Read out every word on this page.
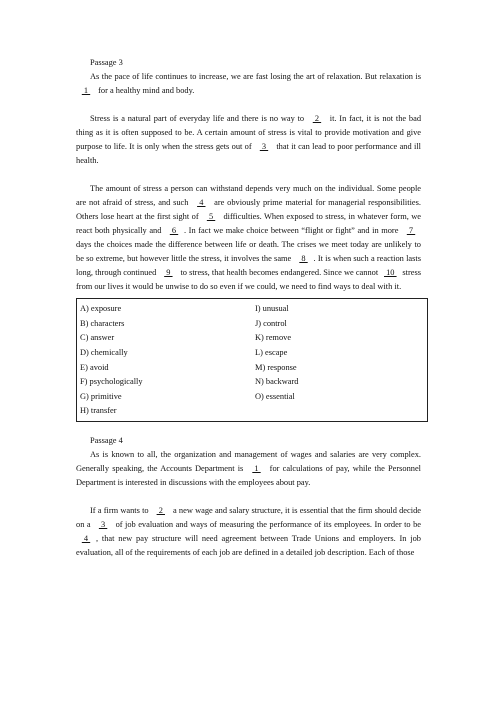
Passage 3

As the pace of life continues to increase, we are fast losing the art of relaxation. But relaxation is  1  for a healthy mind and body.

Stress is a natural part of everyday life and there is no way to  2  it. In fact, it is not the bad thing as it is often supposed to be. A certain amount of stress is vital to provide motivation and give purpose to life. It is only when the stress gets out of  3  that it can lead to poor performance and ill health.

The amount of stress a person can withstand depends very much on the individual. Some people are not afraid of stress, and such  4  are obviously prime material for managerial responsibilities. Others lose heart at the first sight of  5  difficulties. When exposed to stress, in whatever form, we react both physically and  6 . In fact we make choice between “flight or fight” and in more  7  days the choices made the difference between life or death. The crises we meet today are unlikely to be so extreme, but however little the stress, it involves the same  8 . It is when such a reaction lasts long, through continued  9  to stress, that health becomes endangered. Since we cannot  10  stress from our lives it would be unwise to do so even if we could, we need to find ways to deal with it.

A) exposure	I) unusual
B) characters	J) control
C) answer	K) remove
D) chemically	L) escape
E) avoid	M) response
F) psychologically	N) backward
G) primitive	O) essential
H) transfer	

Passage 4

As is known to all, the organization and management of wages and salaries are very complex. Generally speaking, the Accounts Department is  1  for calculations of pay, while the Personnel Department is interested in discussions with the employees about pay.

If a firm wants to  2  a new wage and salary structure, it is essential that the firm should decide on a  3  of job evaluation and ways of measuring the performance of its employees. In order to be  4 , that new pay structure will need agreement between Trade Unions and employers. In job evaluation, all of the requirements of each job are defined in a detailed job description. Each of those
